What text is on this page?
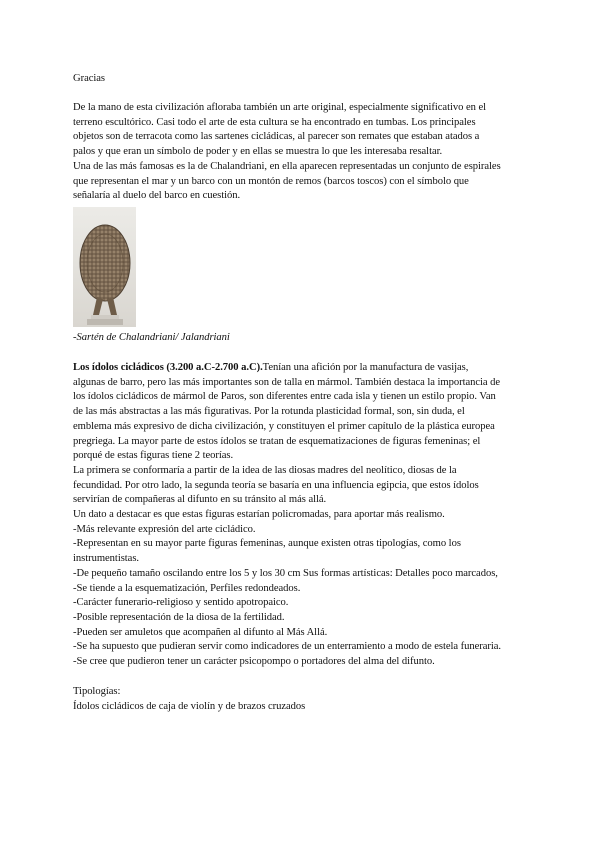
Gracias
De la mano de esta civilización afloraba también un arte original, especialmente significativo en el
terreno escultórico. Casi todo el arte de esta cultura se ha encontrado en tumbas. Los principales
objetos son de terracota como las sartenes cicládicas, al parecer son remates que estaban atados a
palos y que eran un símbolo de poder y en ellas se muestra lo que les interesaba resaltar.
Una de las más famosas es la de Chalandriani, en ella aparecen representadas un conjunto de espirales
que representan el mar y un barco con un montón de remos (barcos toscos) con el símbolo que
señalaría al duelo del barco en cuestión.
-Sartén de Chalandriani/ Jalandriani
Los ídolos cicládicos (3.200 a.C-2.700 a.C).Tenían una afición por la manufactura de vasijas,
algunas de barro, pero las más importantes son de talla en mármol. También destaca la importancia de
los ídolos cicládicos de mármol de Paros, son diferentes entre cada isla y tienen un estilo propio. Van
de las más abstractas a las más figurativas. Por la rotunda plasticidad formal, son, sin duda, el
emblema más expresivo de dicha civilización, y constituyen el primer capítulo de la plástica europea
pregriega. La mayor parte de estos ídolos se tratan de esquematizaciones de figuras femeninas; el
porqué de estas figuras tiene 2 teorías.
La primera se conformaría a partir de la idea de las diosas madres del neolítico, diosas de la
fecundidad. Por otro lado, la segunda teoría se basaría en una influencia egipcia, que estos ídolos
servirían de compañeras al difunto en su tránsito al más allá.
Un dato a destacar es que estas figuras estarían policromadas, para aportar más realismo.
-Más relevante expresión del arte cicládico.
-Representan en su mayor parte figuras femeninas, aunque existen otras tipologías, como los
instrumentistas.
-De pequeño tamaño oscilando entre los 5 y los 30 cm Sus formas artísticas: Detalles poco marcados,
-Se tiende a la esquematización, Perfiles redondeados.
-Carácter funerario-religioso y sentido apotropaico.
-Posible representación de la diosa de la fertilidad.
-Pueden ser amuletos que acompañen al difunto al Más Allá.
-Se ha supuesto que pudieran servir como indicadores de un enterramiento a modo de estela funeraria.
-Se cree que pudieron tener un carácter psicopompo o portadores del alma del difunto.
Tipologías:
Ídolos cicládicos de caja de violín y de brazos cruzados
